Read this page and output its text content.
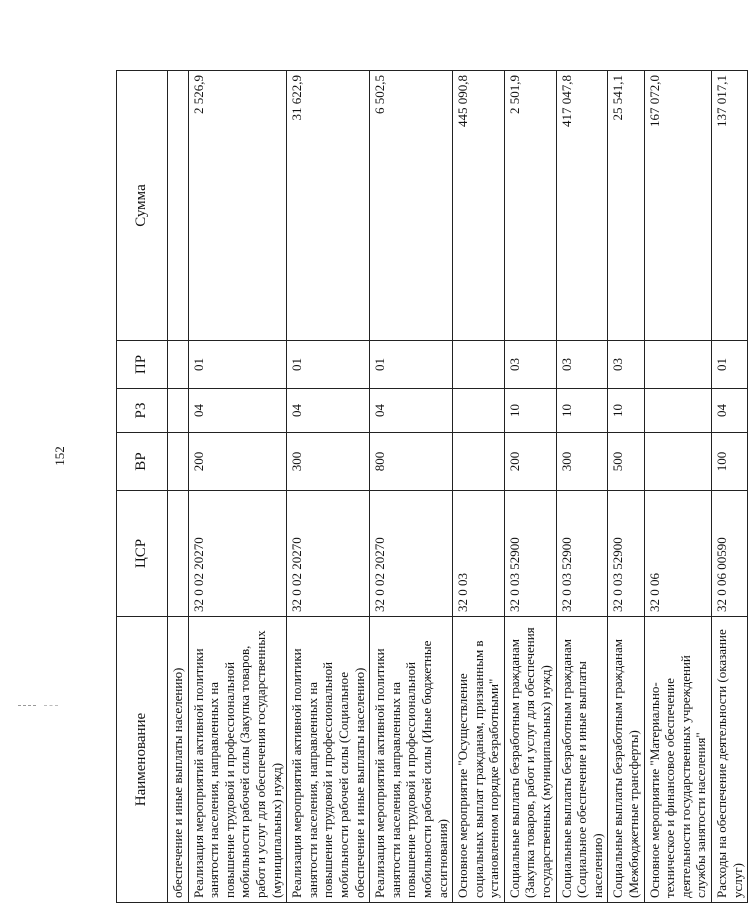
152
Наименование	ЦСР	ВР	РЗ	ПР	Сумма
обеспечение и иные выплаты населению)					
Реализация мероприятий активной политики занятости населения, направленных на повышение трудовой и профессиональной мобильности рабочей силы (Закупка товаров, работ и услуг для обеспечения государственных (муниципальных) нужд)	32 0 02 20270	200	04	01	2 526,9
Реализация мероприятий активной политики занятости населения, направленных на повышение трудовой и профессиональной мобильности рабочей силы (Социальное обеспечение и иные выплаты населению)	32 0 02 20270	300	04	01	31 622,9
Реализация мероприятий активной политики занятости населения, направленных на повышение трудовой и профессиональной мобильности рабочей силы (Иные бюджетные ассигнования)	32 0 02 20270	800	04	01	6 502,5
Основное мероприятие "Осуществление социальных выплат гражданам, признанным в установленном порядке безработными"	32 0 03				445 090,8
Социальные выплаты безработным гражданам (Закупка товаров, работ и услуг для обеспечения государственных (муниципальных) нужд)	32 0 03 52900	200	10	03	2 501,9
Социальные выплаты безработным гражданам (Социальное обеспечение и иные выплаты населению)	32 0 03 52900	300	10	03	417 047,8
Социальные выплаты безработным гражданам (Межбюджетные трансферты)	32 0 03 52900	500	10	03	25 541,1
Основное мероприятие "Материально-техническое и финансовое обеспечение деятельности государственных учреждений службы занятости населения"	32 0 06				167 072,0
Расходы на обеспечение деятельности (оказание услуг)	32 0 06 00590	100	04	01	137 017,1
